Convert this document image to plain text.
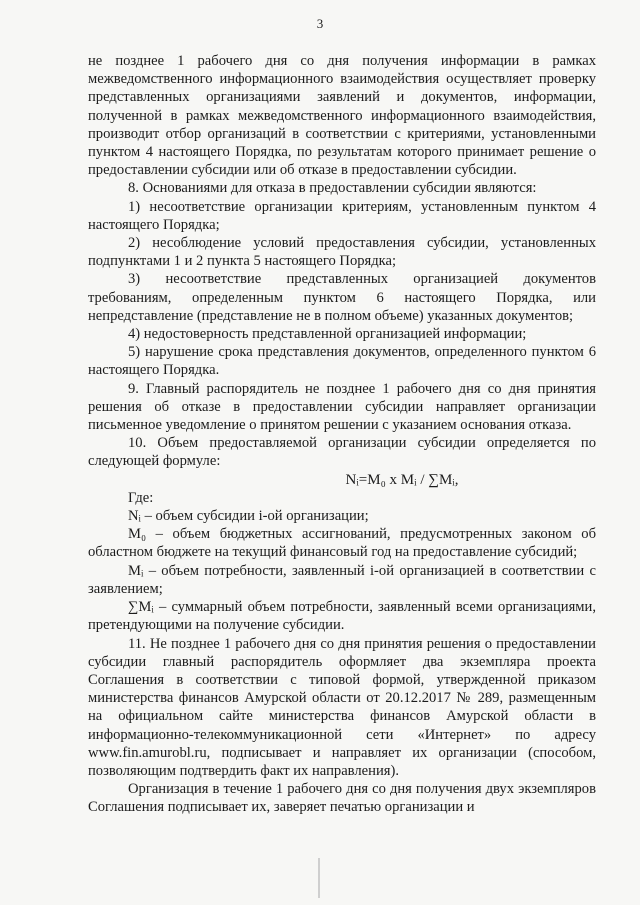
3

не позднее 1 рабочего дня со дня получения информации в рамках межведомственного информационного взаимодействия осуществляет проверку представленных организациями заявлений и документов, информации, полученной в рамках межведомственного информационного взаимодействия, производит отбор организаций в соответствии с критериями, установленными пунктом 4 настоящего Порядка, по результатам которого принимает решение о предоставлении субсидии или об отказе в предоставлении субсидии.

8. Основаниями для отказа в предоставлении субсидии являются:

1) несоответствие организации критериям, установленным пунктом 4 настоящего Порядка;

2) несоблюдение условий предоставления субсидии, установленных подпунктами 1 и 2 пункта 5 настоящего Порядка;

3) несоответствие представленных организацией документов требованиям, определенным пунктом 6 настоящего Порядка, или непредставление (представление не в полном объеме) указанных документов;

4) недостоверность представленной организацией информации;

5) нарушение срока представления документов, определенного пунктом 6 настоящего Порядка.

9. Главный распорядитель не позднее 1 рабочего дня со дня принятия решения об отказе в предоставлении субсидии направляет организации письменное уведомление о принятом решении с указанием основания отказа.

10. Объем предоставляемой организации субсидии определяется по следующей формуле:

Nᵢ=M₀ x Mᵢ / ∑Mᵢ,

Где:

Nᵢ – объем субсидии i-ой организации;

M₀ – объем бюджетных ассигнований, предусмотренных законом об областном бюджете на текущий финансовый год на предоставление субсидий;

Mᵢ – объем потребности, заявленный i-ой организацией в соответствии с заявлением;

∑Mᵢ – суммарный объем потребности, заявленный всеми организациями, претендующими на получение субсидии.

11. Не позднее 1 рабочего дня со дня принятия решения о предоставлении субсидии главный распорядитель оформляет два экземпляра проекта Соглашения в соответствии с типовой формой, утвержденной приказом министерства финансов Амурской области от 20.12.2017 № 289, размещенным на официальном сайте министерства финансов Амурской области в информационно-телекоммуникационной сети «Интернет» по адресу www.fin.amurobl.ru, подписывает и направляет их организации (способом, позволяющим подтвердить факт их направления).

Организация в течение 1 рабочего дня со дня получения двух экземпляров Соглашения подписывает их, заверяет печатью организации и
